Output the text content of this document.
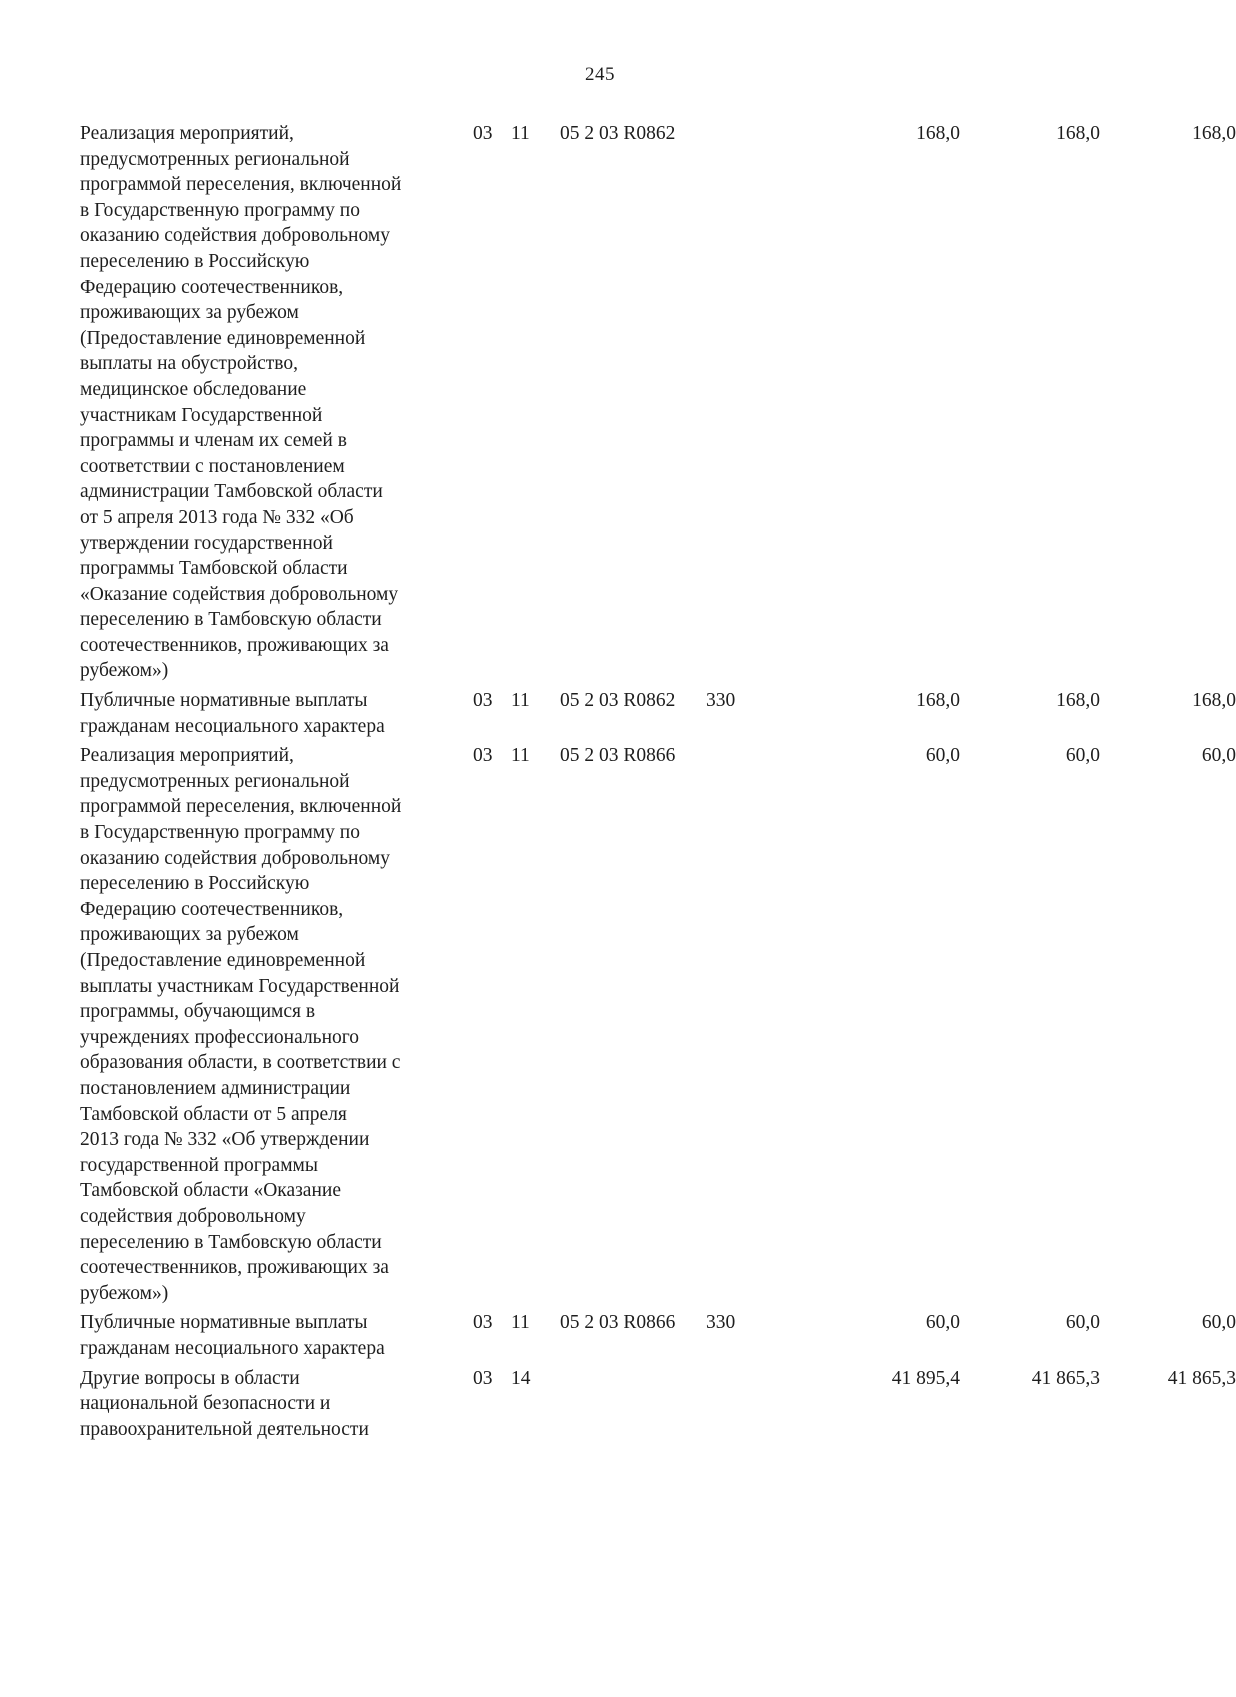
245
Реализация мероприятий,
предусмотренных региональной
программой переселения, включенной
в Государственную программу по
оказанию содействия добровольному
переселению в Российскую
Федерацию соотечественников,
проживающих за рубежом
(Предоставление единовременной
выплаты на обустройство,
медицинское обследование
участникам Государственной
программы и членам их семей в
соответствии с постановлением
администрации Тамбовской области
от 5 апреля 2013 года № 332 «Об
утверждении государственной
программы Тамбовской области
«Оказание содействия добровольному
переселению в Тамбовскую области
соотечественников, проживающих за
рубежом»)
03 11 05 2 03 R0862	168,0	168,0	168,0
Публичные нормативные выплаты
гражданам несоциального характера
03 11 05 2 03 R0862 330	168,0	168,0	168,0
Реализация мероприятий,
предусмотренных региональной
программой переселения, включенной
в Государственную программу по
оказанию содействия добровольному
переселению в Российскую
Федерацию соотечественников,
проживающих за рубежом
(Предоставление единовременной
выплаты участникам Государственной
программы, обучающимся в
учреждениях профессионального
образования области, в соответствии с
постановлением администрации
Тамбовской области от 5 апреля
2013 года № 332 «Об утверждении
государственной программы
Тамбовской области «Оказание
содействия добровольному
переселению в Тамбовскую области
соотечественников, проживающих за
рубежом»)
03 11 05 2 03 R0866	60,0	60,0	60,0
Публичные нормативные выплаты
гражданам несоциального характера
03 11 05 2 03 R0866 330	60,0	60,0	60,0
Другие вопросы в области
национальной безопасности и
правоохранительной деятельности
03 14	41 895,4	41 865,3	41 865,3
